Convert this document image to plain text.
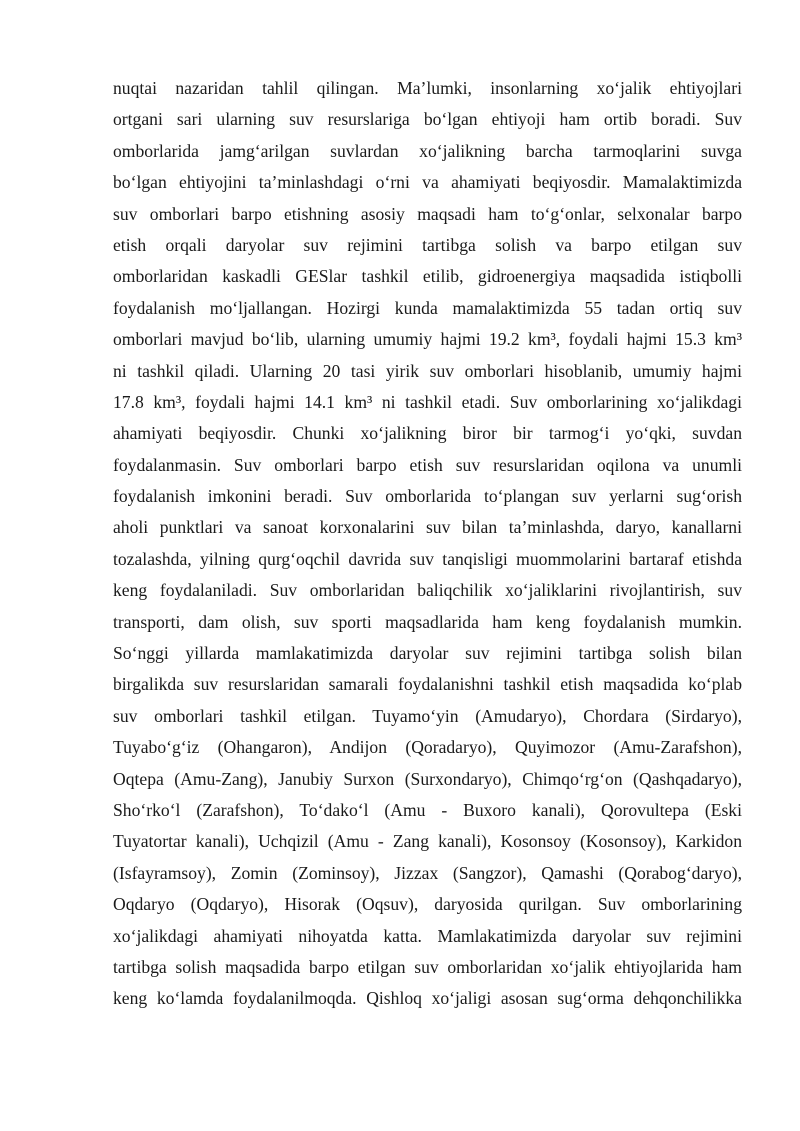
nuqtai nazaridan tahlil qilingan. Ma’lumki, insonlarning xo‘jalik ehtiyojlari
ortgani sari ularning suv resurslariga bo‘lgan ehtiyoji ham ortib boradi. Suv
omborlarida jamg‘arilgan suvlardan xo‘jalikning barcha tarmoqlarini suvga
bo‘lgan ehtiyojini ta’minlashdagi o‘rni va ahamiyati beqiyosdir. Mamalaktimizda
suv omborlari barpo etishning asosiy maqsadi ham to‘g‘onlar, selxonalar barpo
etish orqali daryolar suv rejimini tartibga solish va barpo etilgan suv
omborlaridan kaskadli GESlar tashkil etilib, gidroenergiya maqsadida istiqbolli
foydalanish mo‘ljallangan. Hozirgi kunda mamalaktimizda 55 tadan ortiq suv
omborlari mavjud bo‘lib, ularning umumiy hajmi 19.2 km³, foydali hajmi 15.3 km³
ni tashkil qiladi. Ularning 20 tasi yirik suv omborlari hisoblanib, umumiy hajmi
17.8 km³, foydali hajmi 14.1 km³ ni tashkil etadi. Suv omborlarining xo‘jalikdagi
ahamiyati beqiyosdir. Chunki xo‘jalikning biror bir tarmog‘i yo‘qki, suvdan
foydalanmasin. Suv omborlari barpo etish suv resurslaridan oqilona va unumli
foydalanish imkonini beradi. Suv omborlarida to‘plangan suv yerlarni sug‘orish
aholi punktlari va sanoat korxonalarini suv bilan ta’minlashda, daryo, kanallarni
tozalashda, yilning qurg‘oqchil davrida suv tanqisligi muommolarini bartaraf etishda
keng foydalaniladi. Suv omborlaridan baliqchilik xo‘jaliklarini rivojlantirish, suv
transporti, dam olish, suv sporti maqsadlarida ham keng foydalanish mumkin.
So‘nggi yillarda mamlakatimizda daryolar suv rejimini tartibga solish bilan
birgalikda suv resurslaridan samarali foydalanishni tashkil etish maqsadida ko‘plab
suv omborlari tashkil etilgan. Tuyamo‘yin (Amudaryo), Chordara (Sirdaryo),
Tuyabo‘g‘iz (Ohangaron), Andijon (Qoradaryo), Quyimozor (Amu-Zarafshon),
Oqtepa (Amu-Zang), Janubiy Surxon (Surxondaryo), Chimqo‘rg‘on (Qashqadaryo),
Sho‘rko‘l (Zarafshon), To‘dako‘l (Amu - Buxoro kanali), Qorovultepa (Eski
Tuyatortar kanali), Uchqizil (Amu - Zang kanali), Kosonsoy (Kosonsoy), Karkidon
(Isfayramsoy), Zomin (Zominsoy), Jizzax (Sangzor), Qamashi (Qorabog‘daryo),
Oqdaryo (Oqdaryo), Hisorak (Oqsuv), daryosida qurilgan. Suv omborlarining
xo‘jalikdagi ahamiyati nihoyatda katta. Mamlakatimizda daryolar suv rejimini
tartibga solish maqsadida barpo etilgan suv omborlaridan xo‘jalik ehtiyojlarida ham
keng ko‘lamda foydalanilmoqda. Qishloq xo‘jaligi asosan sug‘orma dehqonchilikka
